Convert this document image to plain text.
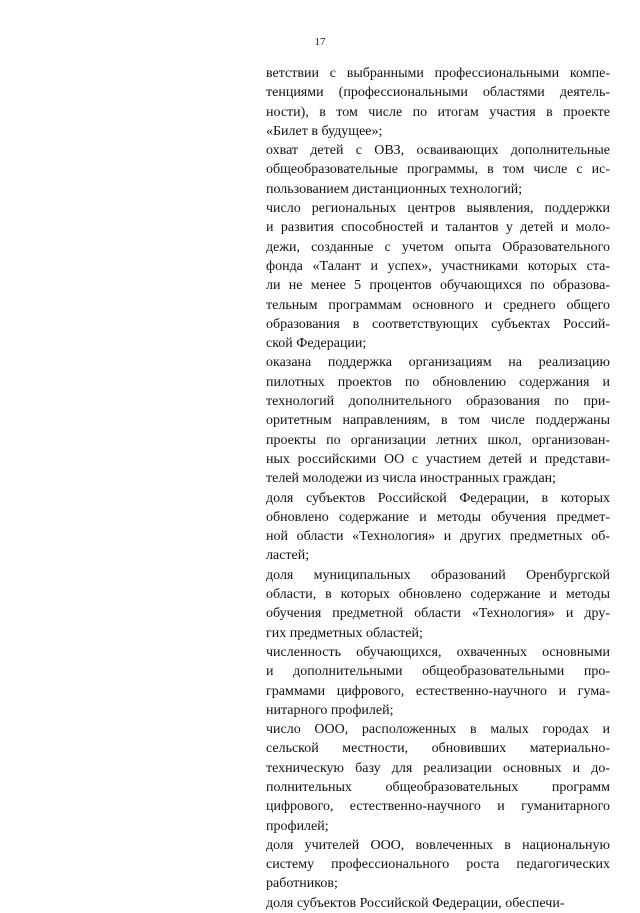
17
ветствии с выбранными профессиональными компе-
тенциями (профессиональными областями деятель-
ности), в том числе по итогам участия в проекте
«Билет в будущее»;
охват детей с ОВЗ, осваивающих дополнительные
общеобразовательные программы, в том числе с ис-
пользованием дистанционных технологий;
число региональных центров выявления, поддержки
и развития способностей и талантов у детей и моло-
дежи, созданные с учетом опыта Образовательного
фонда «Талант и успех», участниками которых ста-
ли не менее 5 процентов обучающихся по образова-
тельным программам основного и среднего общего
образования в соответствующих субъектах Россий-
ской Федерации;
оказана поддержка организациям на реализацию
пилотных проектов по обновлению содержания и
технологий дополнительного образования по при-
оритетным направлениям, в том числе поддержаны
проекты по организации летних школ, организован-
ных российскими ОО с участием детей и представи-
телей молодежи из числа иностранных граждан;
доля субъектов Российской Федерации, в которых
обновлено содержание и методы обучения предмет-
ной области «Технология» и других предметных об-
ластей;
доля муниципальных образований Оренбургской
области, в которых обновлено содержание и методы
обучения предметной области «Технология» и дру-
гих предметных областей;
численность обучающихся, охваченных основными
и дополнительными общеобразовательными про-
граммами цифрового, естественно-научного и гума-
нитарного профилей;
число ООО, расположенных в малых городах и
сельской местности, обновивших материально-
техническую базу для реализации основных и до-
полнительных общеобразовательных программ
цифрового, естественно-научного и гуманитарного
профилей;
доля учителей ООО, вовлеченных в национальную
систему профессионального роста педагогических
работников;
доля субъектов Российской Федерации, обеспечи-
